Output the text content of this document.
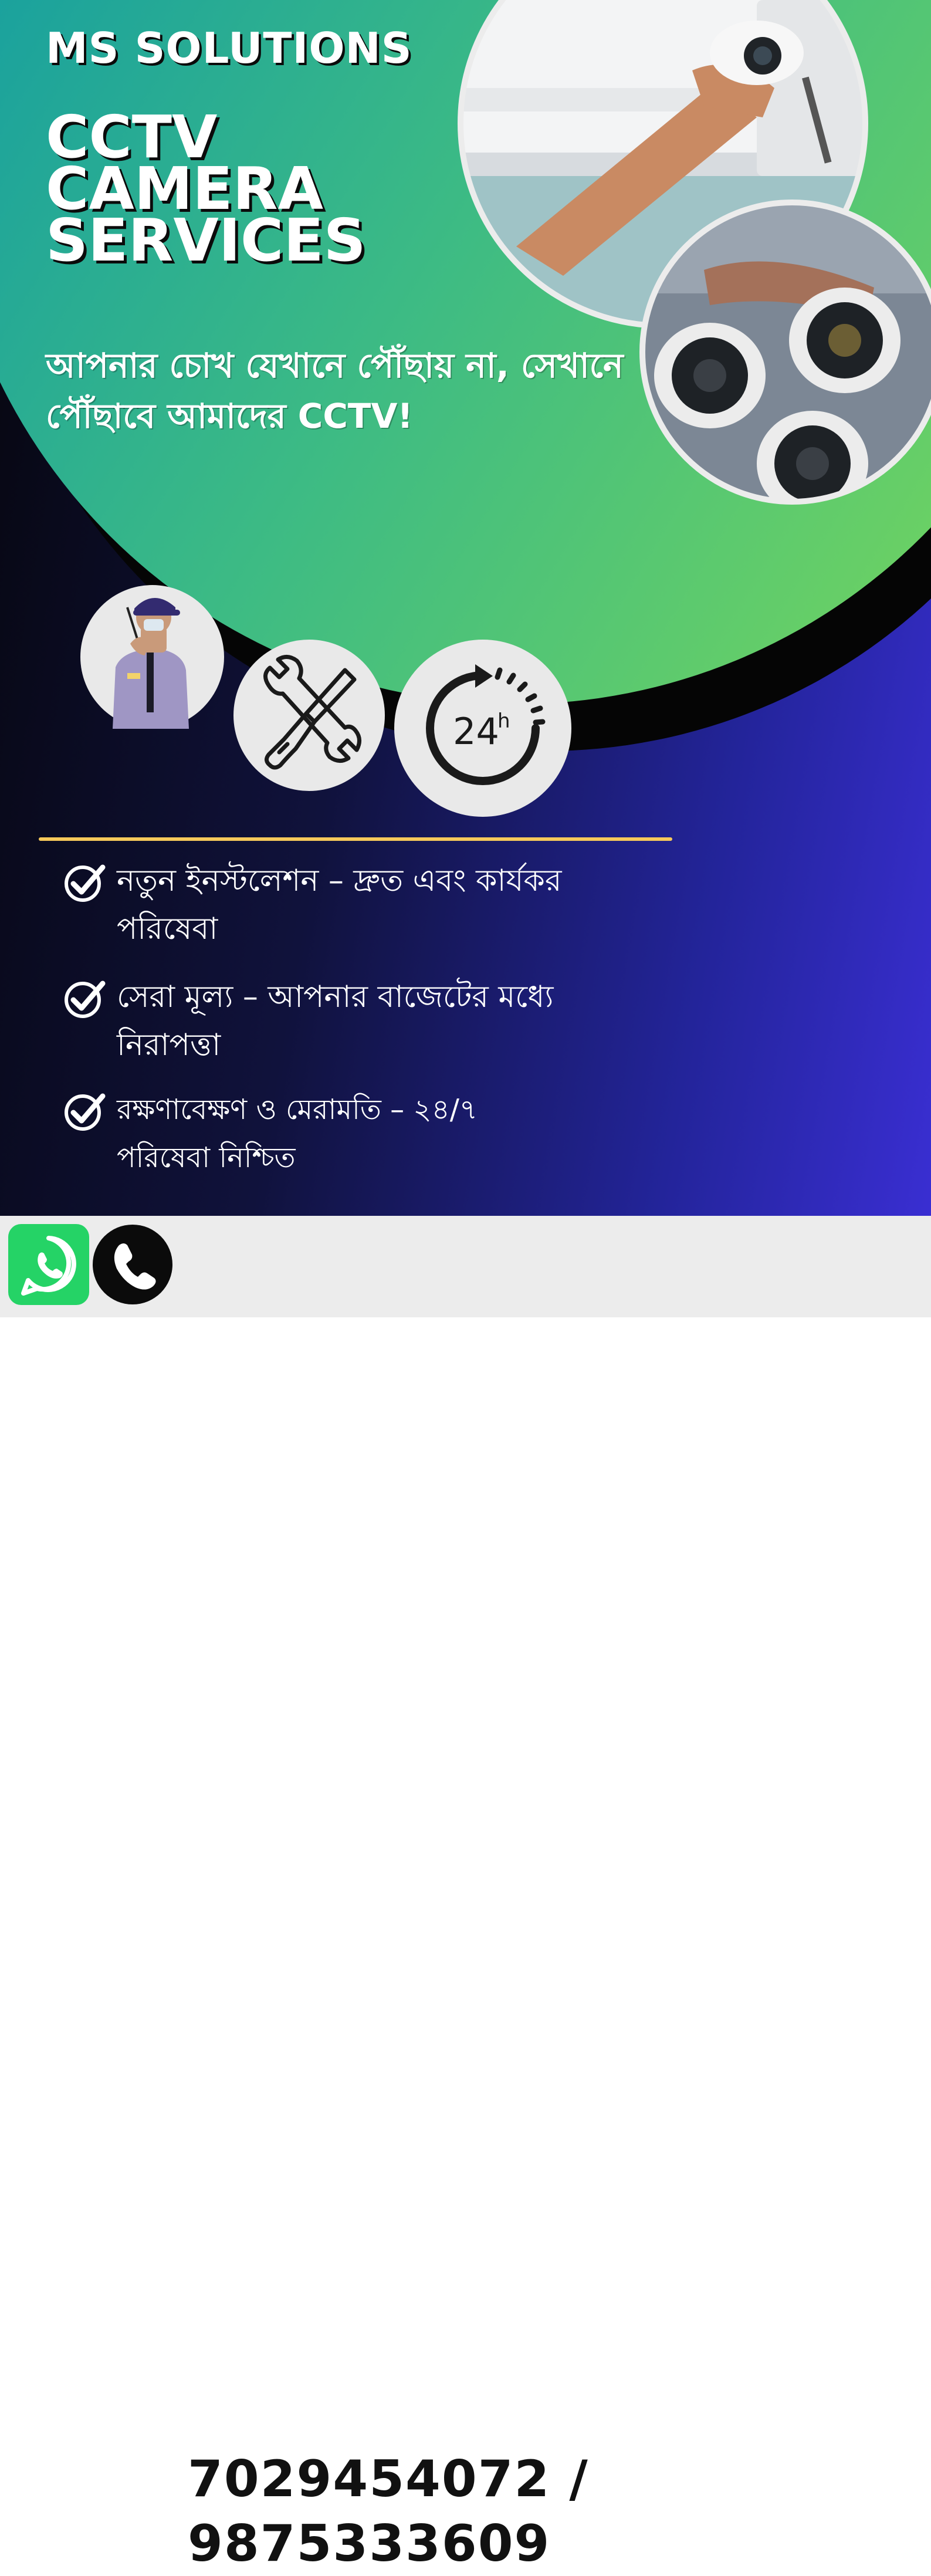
MS SOLUTIONS
CCTV
CAMERA
SERVICES
আপনার চোখ যেখানে পৌঁছায় না, সেখানে পৌঁছাবে আমাদের CCTV!
24
h
নতুন ইনস্টলেশন – দ্রুত এবং কার্যকর পরিষেবা
সেরা মূল্য – আপনার বাজেটের মধ্যে নিরাপত্তা
রক্ষণাবেক্ষণ ও মেরামতি – ২৪/৭ পরিষেবা নিশ্চিত
7029454072 / 9875333609
